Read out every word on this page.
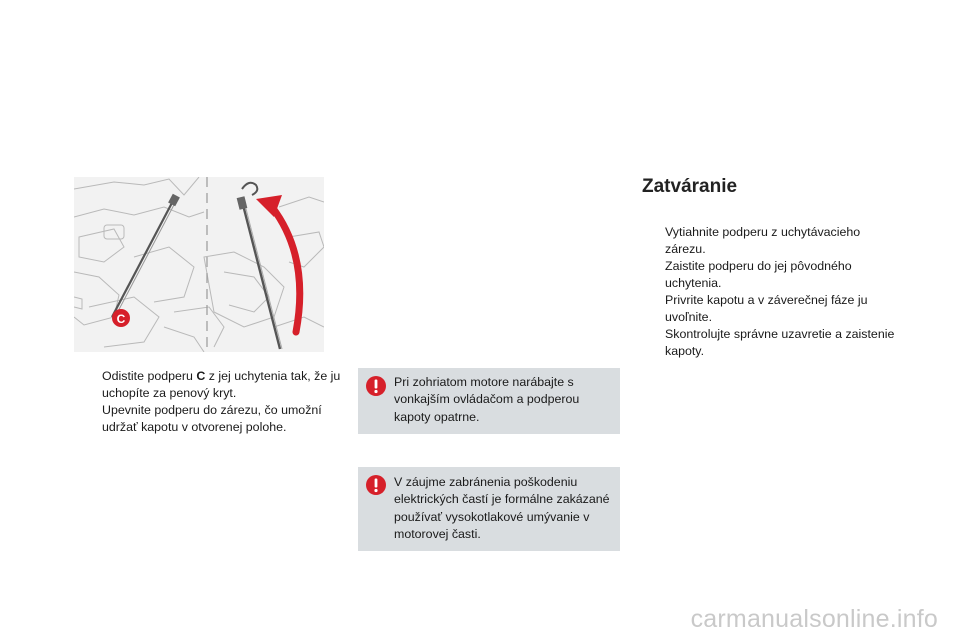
C
Odistite podperu C z jej uchytenia tak, že ju uchopíte za penový kryt.
Upevnite podperu do zárezu, čo umožní udržať kapotu v otvorenej polohe.
Pri zohriatom motore narábajte s vonkajším ovládačom a podperou kapoty opatrne.
V záujme zabránenia poškodeniu elektrických častí je formálne zakázané používať vysokotlakové umývanie v motorovej časti.
Zatváranie
Vytiahnite podperu z uchytávacieho zárezu.
Zaistite podperu do jej pôvodného uchytenia.
Privrite kapotu a v záverečnej fáze ju uvoľnite.
Skontrolujte správne uzavretie a zaistenie kapoty.
carmanualsonline.info
